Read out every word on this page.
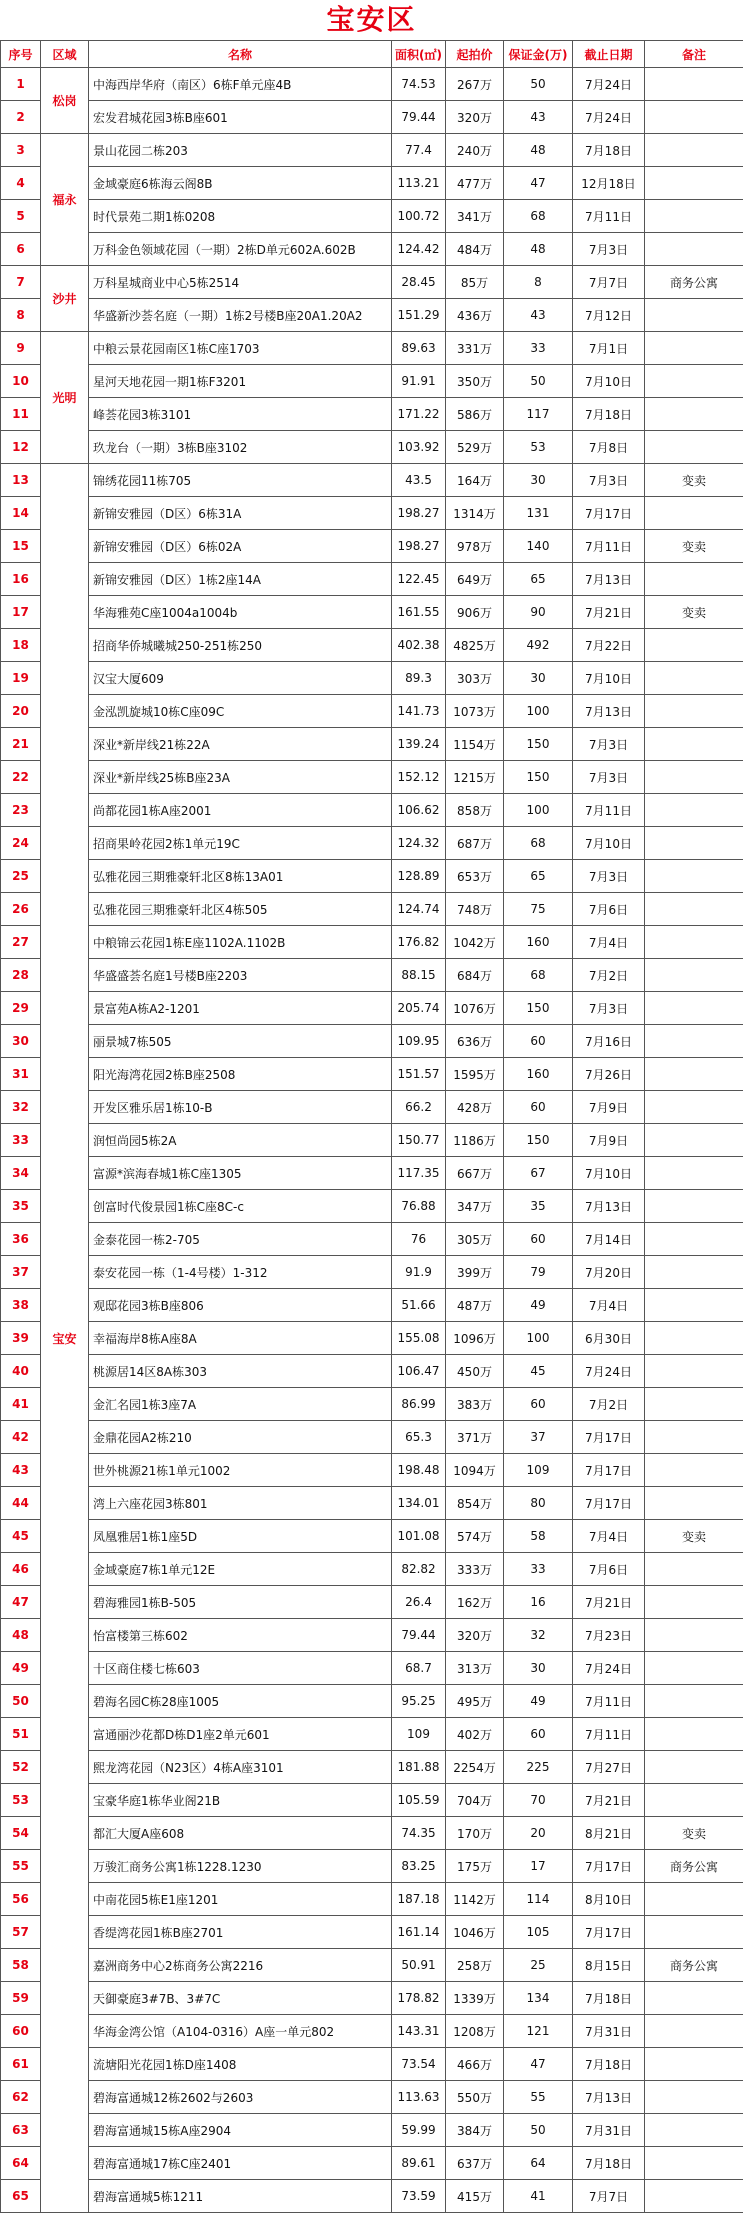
宝安区
序号	区域	名称	面积(㎡)	起拍价	保证金(万)	截止日期	备注
1	松岗	中海西岸华府（南区）6栋F单元座4B	74.53	267万	50	7月24日	
2		宏发君城花园3栋B座601	79.44	320万	43	7月24日	
3	福永	景山花园二栋203	77.4	240万	48	7月18日	
4		金域豪庭6栋海云阁8B	113.21	477万	47	12月18日	
5		时代景苑二期1栋0208	100.72	341万	68	7月11日	
6		万科金色领域花园（一期）2栋D单元602A.602B	124.42	484万	48	7月3日	
7	沙井	万科星城商业中心5栋2514	28.45	85万	8	7月7日	商务公寓
8		华盛新沙荟名庭（一期）1栋2号楼B座20A1.20A2	151.29	436万	43	7月12日	
9	光明	中粮云景花园南区1栋C座1703	89.63	331万	33	7月1日	
10		星河天地花园一期1栋F3201	91.91	350万	50	7月10日	
11		峰荟花园3栋3101	171.22	586万	117	7月18日	
12		玖龙台（一期）3栋B座3102	103.92	529万	53	7月8日	
13	宝安	锦绣花园11栋705	43.5	164万	30	7月3日	变卖
14		新锦安雅园（D区）6栋31A	198.27	1314万	131	7月17日	
15		新锦安雅园（D区）6栋02A	198.27	978万	140	7月11日	变卖
16		新锦安雅园（D区）1栋2座14A	122.45	649万	65	7月13日	
17		华海雅苑C座1004a1004b	161.55	906万	90	7月21日	变卖
18		招商华侨城曦城250-251栋250	402.38	4825万	492	7月22日	
19		汉宝大厦609	89.3	303万	30	7月10日	
20		金泓凯旋城10栋C座09C	141.73	1073万	100	7月13日	
21		深业*新岸线21栋22A	139.24	1154万	150	7月3日	
22		深业*新岸线25栋B座23A	152.12	1215万	150	7月3日	
23		尚都花园1栋A座2001	106.62	858万	100	7月11日	
24		招商果岭花园2栋1单元19C	124.32	687万	68	7月10日	
25		弘雅花园三期雅豪轩北区8栋13A01	128.89	653万	65	7月3日	
26		弘雅花园三期雅豪轩北区4栋505	124.74	748万	75	7月6日	
27		中粮锦云花园1栋E座1102A.1102B	176.82	1042万	160	7月4日	
28		华盛盛荟名庭1号楼B座2203	88.15	684万	68	7月2日	
29		景富苑A栋A2-1201	205.74	1076万	150	7月3日	
30		丽景城7栋505	109.95	636万	60	7月16日	
31		阳光海湾花园2栋B座2508	151.57	1595万	160	7月26日	
32		开发区雅乐居1栋10-B	66.2	428万	60	7月9日	
33		润恒尚园5栋2A	150.77	1186万	150	7月9日	
34		富源*滨海春城1栋C座1305	117.35	667万	67	7月10日	
35		创富时代俊景园1栋C座8C-c	76.88	347万	35	7月13日	
36		金泰花园一栋2-705	76	305万	60	7月14日	
37		泰安花园一栋（1-4号楼）1-312	91.9	399万	79	7月20日	
38		观邸花园3栋B座806	51.66	487万	49	7月4日	
39		幸福海岸8栋A座8A	155.08	1096万	100	6月30日	
40		桃源居14区8A栋303	106.47	450万	45	7月24日	
41		金汇名园1栋3座7A	86.99	383万	60	7月2日	
42		金鼎花园A2栋210	65.3	371万	37	7月17日	
43		世外桃源21栋1单元1002	198.48	1094万	109	7月17日	
44		湾上六座花园3栋801	134.01	854万	80	7月17日	
45		凤凰雅居1栋1座5D	101.08	574万	58	7月4日	变卖
46		金域豪庭7栋1单元12E	82.82	333万	33	7月6日	
47		碧海雅园1栋B-505	26.4	162万	16	7月21日	
48		怡富楼第三栋602	79.44	320万	32	7月23日	
49		十区商住楼七栋603	68.7	313万	30	7月24日	
50		碧海名园C栋28座1005	95.25	495万	49	7月11日	
51		富通丽沙花都D栋D1座2单元601	109	402万	60	7月11日	
52		熙龙湾花园（N23区）4栋A座3101	181.88	2254万	225	7月27日	
53		宝豪华庭1栋华业阁21B	105.59	704万	70	7月21日	
54		都汇大厦A座608	74.35	170万	20	8月21日	变卖
55		万骏汇商务公寓1栋1228.1230	83.25	175万	17	7月17日	商务公寓
56		中南花园5栋E1座1201	187.18	1142万	114	8月10日	
57		香缇湾花园1栋B座2701	161.14	1046万	105	7月17日	
58		嘉洲商务中心2栋商务公寓2216	50.91	258万	25	8月15日	商务公寓
59		天御豪庭3#7B、3#7C	178.82	1339万	134	7月18日	
60		华海金湾公馆（A104-0316）A座一单元802	143.31	1208万	121	7月31日	
61		流塘阳光花园1栋D座1408	73.54	466万	47	7月18日	
62		碧海富通城12栋2602与2603	113.63	550万	55	7月13日	
63		碧海富通城15栋A座2904	59.99	384万	50	7月31日	
64		碧海富通城17栋C座2401	89.61	637万	64	7月18日	
65		碧海富通城5栋1211	73.59	415万	41	7月7日	
